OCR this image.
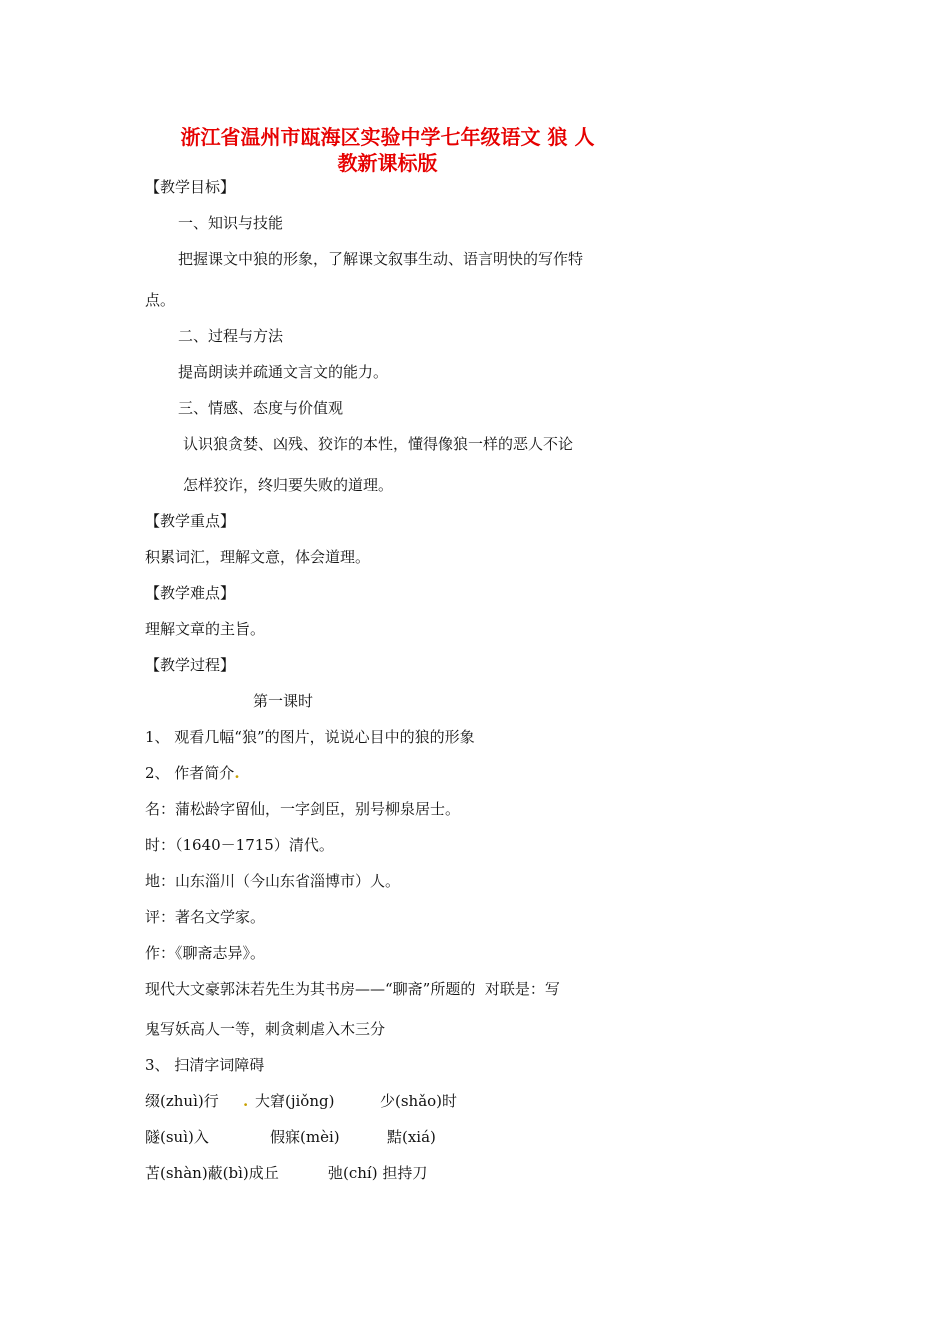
浙江省温州市瓯海区实验中学七年级语文 狼 人
教新课标版
【教学目标】
一、知识与技能
把握课文中狼的形象，了解课文叙事生动、语言明快的写作特
点。
二、过程与方法
提高朗读并疏通文言文的能力。
三、情感、态度与价值观
认识狼贪婪、凶残、狡诈的本性，懂得像狼一样的恶人不论
怎样狡诈，终归要失败的道理。
【教学重点】
积累词汇，理解文意，体会道理。
【教学难点】
理解文章的主旨。
【教学过程】
第一课时
1、 观看几幅“狼”的图片，说说心目中的狼的形象
2、 作者简介.
名：蒲松龄字留仙，一字剑臣，别号柳泉居士。
时：（1640－1715）清代。
地：山东淄川（今山东省淄博市）人。
评：著名文学家。
作：《聊斋志异》。
现代大文豪郭沫若先生为其书房——“聊斋”所题的  对联是：写
鬼写妖高人一等，刺贪刺虐入木三分
3、 扫清字词障碍
缀(zhuì)行 . 大窘(jiǒng)	少(shǎo)时
隧(suì)入	假寐(mèi)	黠(xiá)
苫(shàn)蔽(bì)成丘	弛(chí) 担持刀
